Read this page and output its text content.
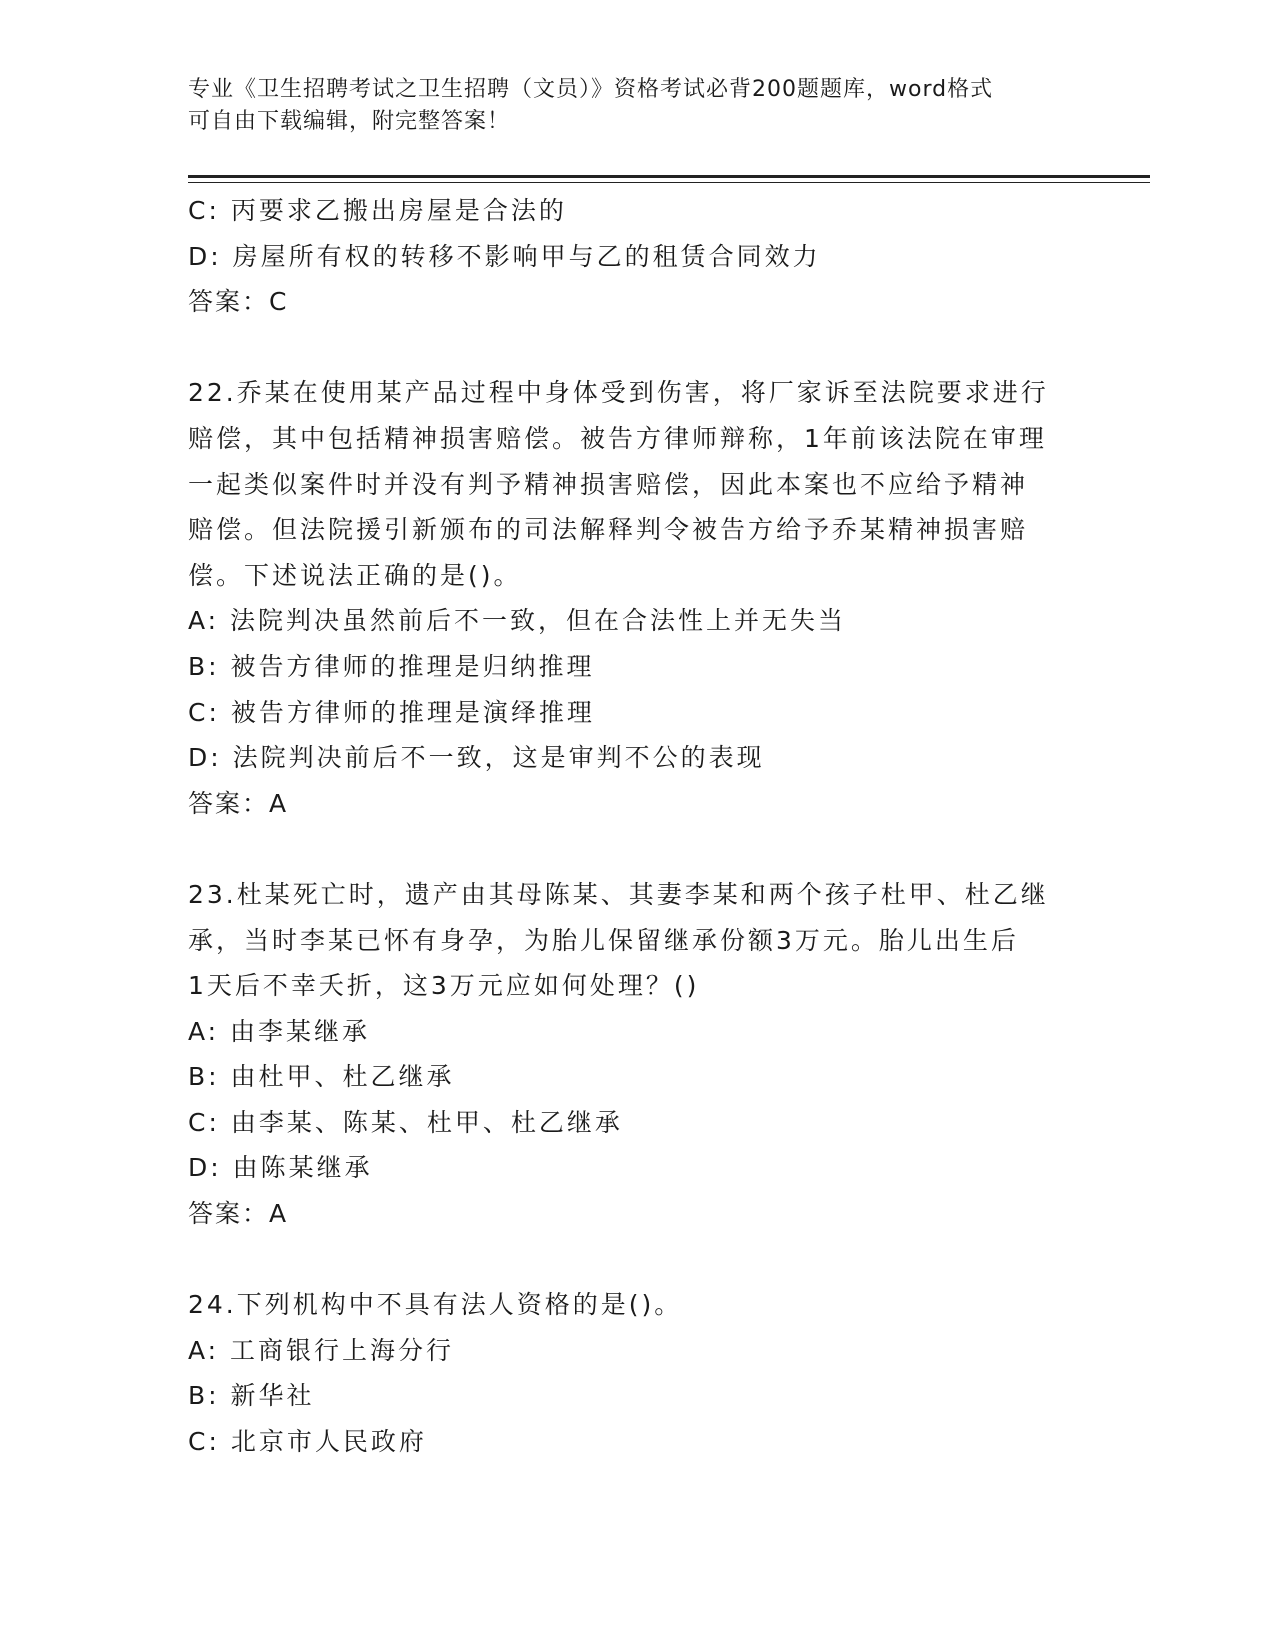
专业《卫生招聘考试之卫生招聘（文员）》资格考试必背200题题库，word格式
可自由下载编辑，附完整答案！
C: 丙要求乙搬出房屋是合法的
D: 房屋所有权的转移不影响甲与乙的租赁合同效力
答案：C
22.乔某在使用某产品过程中身体受到伤害，将厂家诉至法院要求进行
赔偿，其中包括精神损害赔偿。被告方律师辩称，1年前该法院在审理
一起类似案件时并没有判予精神损害赔偿，因此本案也不应给予精神
赔偿。但法院援引新颁布的司法解释判令被告方给予乔某精神损害赔
偿。下述说法正确的是()。
A: 法院判决虽然前后不一致，但在合法性上并无失当
B: 被告方律师的推理是归纳推理
C: 被告方律师的推理是演绎推理
D: 法院判决前后不一致，这是审判不公的表现
答案：A
23.杜某死亡时，遗产由其母陈某、其妻李某和两个孩子杜甲、杜乙继
承，当时李某已怀有身孕，为胎儿保留继承份额3万元。胎儿出生后
1天后不幸夭折，这3万元应如何处理？()
A: 由李某继承
B: 由杜甲、杜乙继承
C: 由李某、陈某、杜甲、杜乙继承
D: 由陈某继承
答案：A
24.下列机构中不具有法人资格的是()。
A: 工商银行上海分行
B: 新华社
C: 北京市人民政府
